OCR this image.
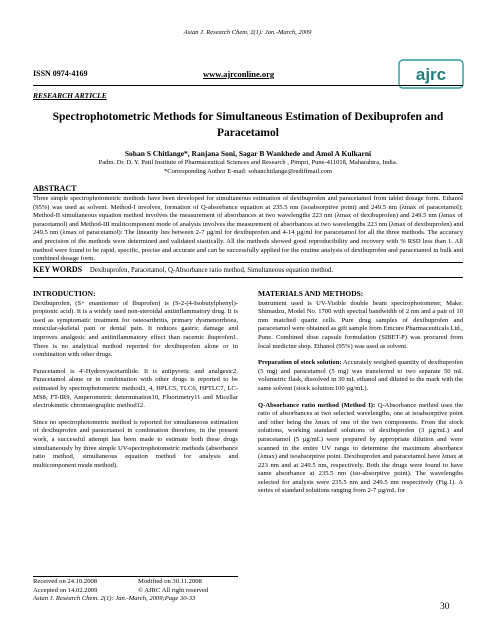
Asian J. Research Chem. 2(1): Jan.-March, 2009
`
ISSN 0974-4169	www.ajrconline.org	ajrc
RESEARCH ARTICLE
Spectrophotometric Methods for Simultaneous Estimation of Dexibuprofen and
Paracetamol
Sohan S Chitlange*, Ranjana Soni, Sagar B Wankhede and Amol A Kulkarni
Padm. Dr. D. Y. Patil Institute of Pharmaceutical Sciences and Research , Pimpri, Pune-411018, Maharahtra, India.
*Corresponding Author E-mail: sohanchitlange@rediffmail.com
ABSTRACT
Three simple spectrophotometric methods have been developed for simultaneous estimation of dexibuprofen and paracetamol from tablet dosage form. Ethanol (95%) was used as solvent. Method-I involves, formation of Q-absorbance equation at 235.5 nm (isoabsorptive point) and 249.5 nm (λmax of paracetamol); Method-II simultaneous equation method involves the measurement of absorbances at two wavelengths 223 nm (λmax of dexibuprofen) and 249.5 nm (λmax of paracetamol) and Method-III multicomponent mode of analysis involves the measurement of absorbances at two wavelengths 223 nm (λmax of dexibuprofen) and 249.5 nm (λmax of paracetamol): The linearity lies between 2-7 µg/ml for dexibuprofen and 4-14 µg/ml for paracetamol for all the three methods. The accuracy and precision of the methods were determined and validated stastically. All the methods showed good reproducibility and recovery with % RSD less than 1. All method were found to be rapid, specific, precise and accurate and can be successfully applied for the routine analysis of dexibuprofen and paracetamol in bulk and combined dosage form.
KEY WORDS Dexibuprofen, Paracetamol, Q-Absorbance ratio method, Simultaneous equation method.
INTRODUCTION:

Dexibuprofen, (S+ enantiomer of Ibuprofen) is (S-2-(4-Isobutylphenyl)-propionic acid). It is a widely used non-steroidal antiinflammatory drug. It is used as symptomatic treatment for osteoarthritis, primary dysmenorrhoea, muscular-skeletal pain or dental pain. It reduces gastric damage and improves analgesic and antiinflammatory effect than racemic ibuprofen1. There is no analytical method reported for dexibuprofen alone or in combination with other drugs.

Paracetamol is 4'-Hydroxyacetanilide. It is antipyretic and analgesic2. Paracetamol alone or in combination with other drugs is reported to be estimated by spectrophotometric method3, 4, HPLC5, TLC6, HPTLC7, LC-MS8, FT-IR9, Amperometric determination10, Fluorimetry11 and Micellar electrokinetic chromatographic method12.

Since no spectrophotometric method is reported for simultaneous estimation of dexibuprofen and paracetamol in combination therefore, in the present work, a successful attempt has been made to estimate both these drugs simultaneously by three simple UV-spectrophotometric methods (absorbance ratio method, simultaneous equation method for analysis and multicomponent mode method).

Received on 24.10.2008	Modified on 30.11.2008
Accepted on 14.02.2009	© AJRC All right reserved
Asian J. Research Chem. 2(1): Jan.-March, 2009;Page 30-33
MATERIALS AND METHODS:

Instrument used is UV-Visible double beam spectrophotometer, Make: Shimadzu, Model No. 1700 with spectral bandwidth of 2 nm and a pair of 10 mm matched quartz cells. Pure drug samples of dexibuprofen and paracetamol were obtained as gift sample from Emcure Pharmaceuticals Ltd., Pune. Combined dose capsule formulation (SIBET-P) was procured from local medicine shop. Ethanol (95%) was used as solvent.

Preparation of stock solution: Accurately weighed quantity of dexibuprofen (5 mg) and paracetamol (5 mg) was transferred to two separate 50 mL volumetric flask, dissolved in 30 mL ethanol and diluted to the mark with the same solvent (stock solution:100 µg/mL).

Q-Absorbance ratio method (Method I): Q-Absorbance method uses the ratio of absorbances at two selected wavelengths, one at isoabsorptive point and other being the λmax of one of the two components. From the stock solutions, working standard solutions of dexibuprofen (3 µg/mL) and paracetamol (5 µg/mL) were prepared by appropriate dilution and were scanned in the entire UV range to determine the maximum absorbance (λmax) and isoabsorptive point. Dexibuprofen and paracetamol have λmax at 223 nm and at 249.5 nm, respectively. Both the drugs were found to have same absorbance at 235.5 nm (iso-absorptive point). The wavelengths selected for analysis were 235.5 nm and 249.5 nm respectively (Fig.1). A series of standard solutions ranging from 2-7 µg/mL for

30
